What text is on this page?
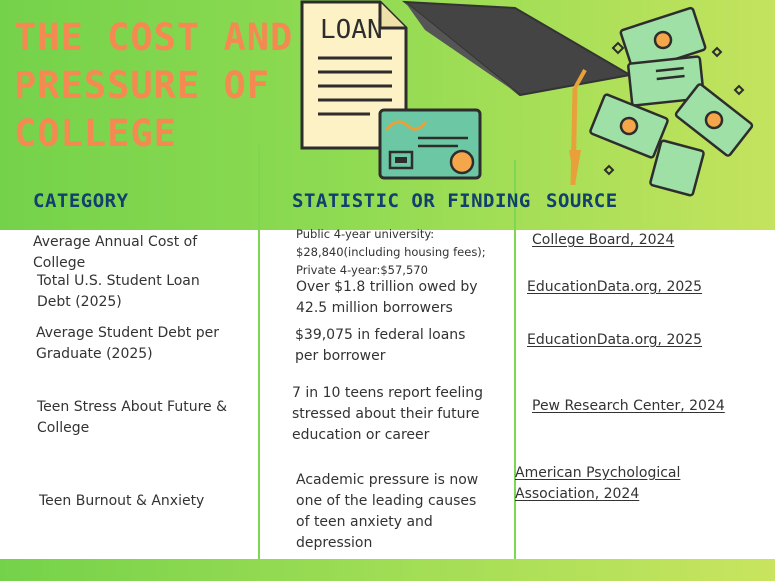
THE COST AND
PRESSURE OF
COLLEGE
LOAN
CATEGORY	STATISTIC OR FINDING SOURCE
Average Annual Cost of
College
Public 4-year university:
$28,840(including housing fees);
Private 4-year:$57,570
College Board, 2024
Total U.S. Student Loan
Debt (2025)
Over $1.8 trillion owed by
42.5 million borrowers
EducationData.org, 2025
Average Student Debt per
Graduate (2025)
$39,075 in federal loans
per borrower
EducationData.org, 2025
Teen Stress About Future &
College
7 in 10 teens report feeling
stressed about their future
education or career
Pew Research Center, 2024
Teen Burnout & Anxiety
Academic pressure is now
one of the leading causes
of teen anxiety and
depression
American Psychological
Association, 2024
